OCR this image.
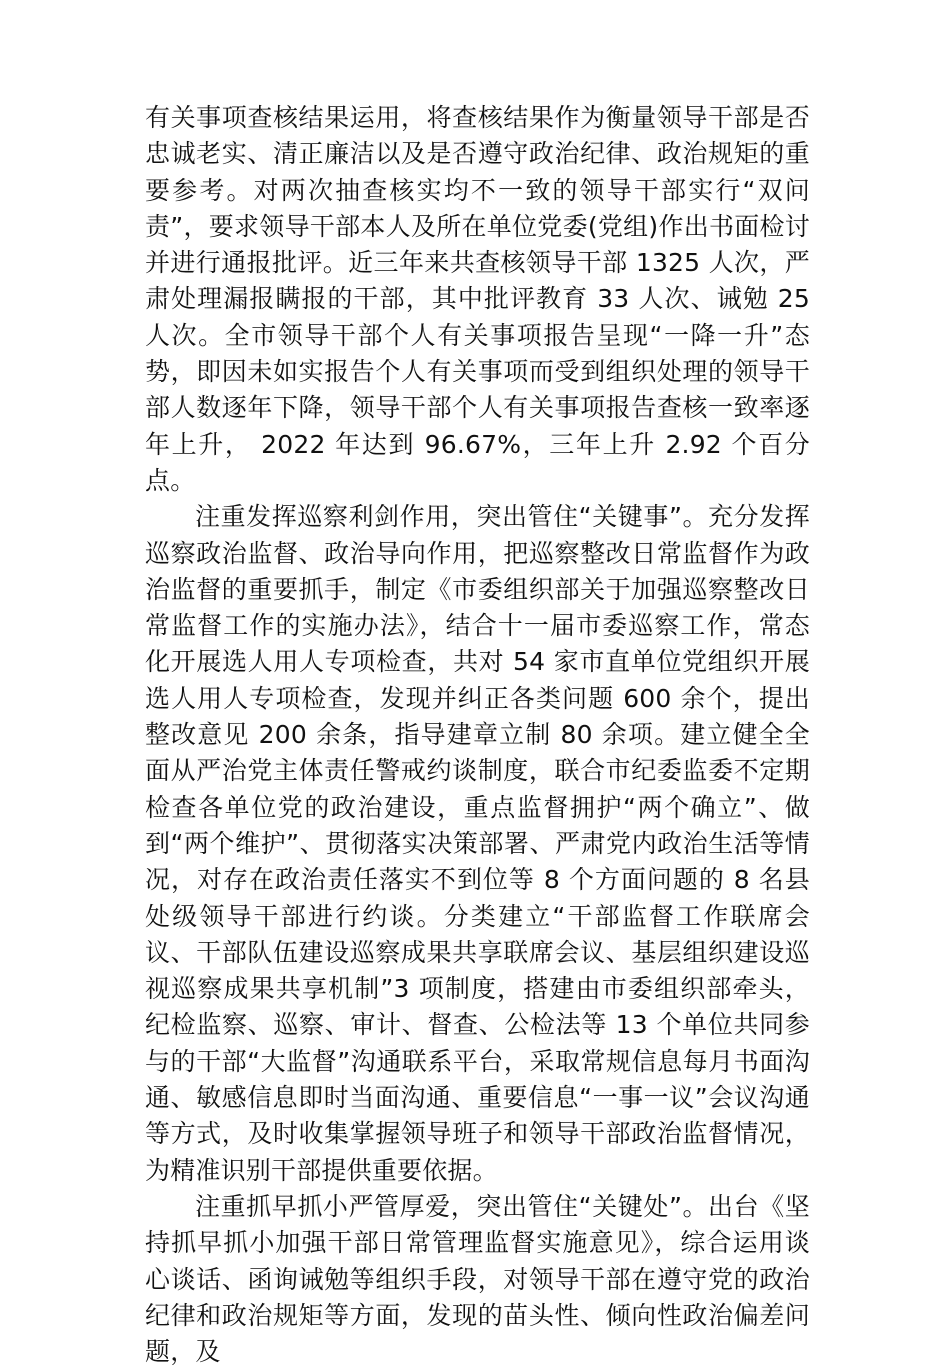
有关事项查核结果运用，将查核结果作为衡量领导干部是否忠诚老实、清正廉洁以及是否遵守政治纪律、政治规矩的重要参考。对两次抽查核实均不一致的领导干部实行“双问责”，要求领导干部本人及所在单位党委(党组)作出书面检讨并进行通报批评。近三年来共查核领导干部 1325 人次，严肃处理漏报瞒报的干部，其中批评教育 33 人次、诫勉 25 人次。全市领导干部个人有关事项报告呈现“一降一升”态势，即因未如实报告个人有关事项而受到组织处理的领导干部人数逐年下降，领导干部个人有关事项报告查核一致率逐年上升， 2022 年达到 96.67%，三年上升 2.92 个百分点。

注重发挥巡察利剑作用，突出管住“关键事”。充分发挥巡察政治监督、政治导向作用，把巡察整改日常监督作为政治监督的重要抓手，制定《市委组织部关于加强巡察整改日常监督工作的实施办法》，结合十一届市委巡察工作，常态化开展选人用人专项检查，共对 54 家市直单位党组织开展选人用人专项检查，发现并纠正各类问题 600 余个，提出整改意见 200 余条，指导建章立制 80 余项。建立健全全面从严治党主体责任警戒约谈制度，联合市纪委监委不定期检查各单位党的政治建设，重点监督拥护“两个确立”、做到“两个维护”、贯彻落实决策部署、严肃党内政治生活等情况，对存在政治责任落实不到位等 8 个方面问题的 8 名县处级领导干部进行约谈。分类建立“干部监督工作联席会议、干部队伍建设巡察成果共享联席会议、基层组织建设巡视巡察成果共享机制”3 项制度，搭建由市委组织部牵头，纪检监察、巡察、审计、督查、公检法等 13 个单位共同参与的干部“大监督”沟通联系平台，采取常规信息每月书面沟通、敏感信息即时当面沟通、重要信息“一事一议”会议沟通等方式，及时收集掌握领导班子和领导干部政治监督情况，为精准识别干部提供重要依据。

注重抓早抓小严管厚爱，突出管住“关键处”。出台《坚持抓早抓小加强干部日常管理监督实施意见》，综合运用谈心谈话、函询诫勉等组织手段，对领导干部在遵守党的政治纪律和政治规矩等方面，发现的苗头性、倾向性政治偏差问题，及
